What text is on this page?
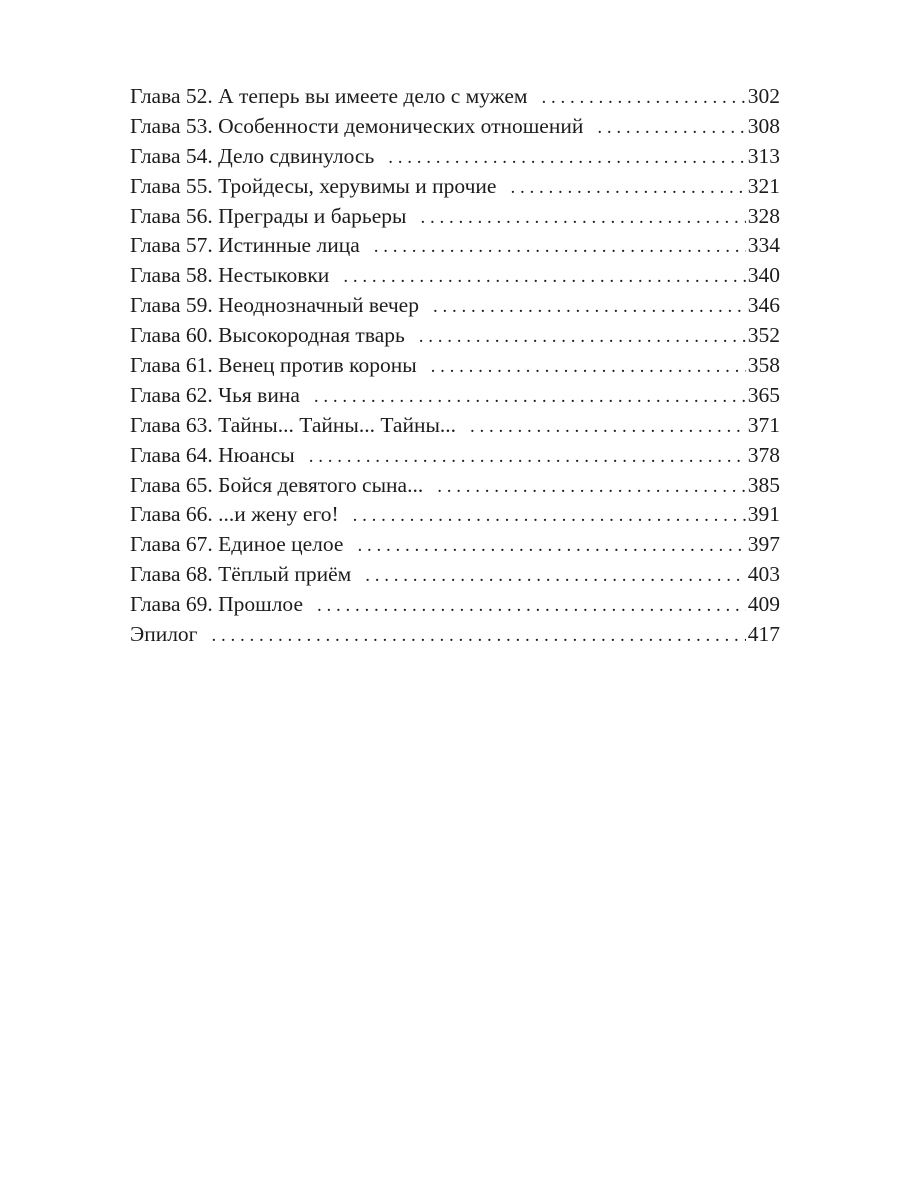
Глава 52. А теперь вы имеете дело с мужем . . .	302
Глава 53. Особенности демонических отношений . . .	308
Глава 54. Дело сдвинулось . . .	313
Глава 55. Тройдесы, херувимы и прочие . . .	321
Глава 56. Преграды и барьеры . . .	328
Глава 57. Истинные лица . . .	334
Глава 58. Нестыковки . . .	340
Глава 59. Неоднозначный вечер . . .	346
Глава 60. Высокородная тварь . . .	352
Глава 61. Венец против короны . . .	358
Глава 62. Чья вина . . .	365
Глава 63. Тайны... Тайны... Тайны... . . .	371
Глава 64. Нюансы . . .	378
Глава 65. Бойся девятого сына... . . .	385
Глава 66. ...и жену его! . . .	391
Глава 67. Единое целое . . .	397
Глава 68. Тёплый приём . . .	403
Глава 69. Прошлое . . .	409
Эпилог . . .	417
